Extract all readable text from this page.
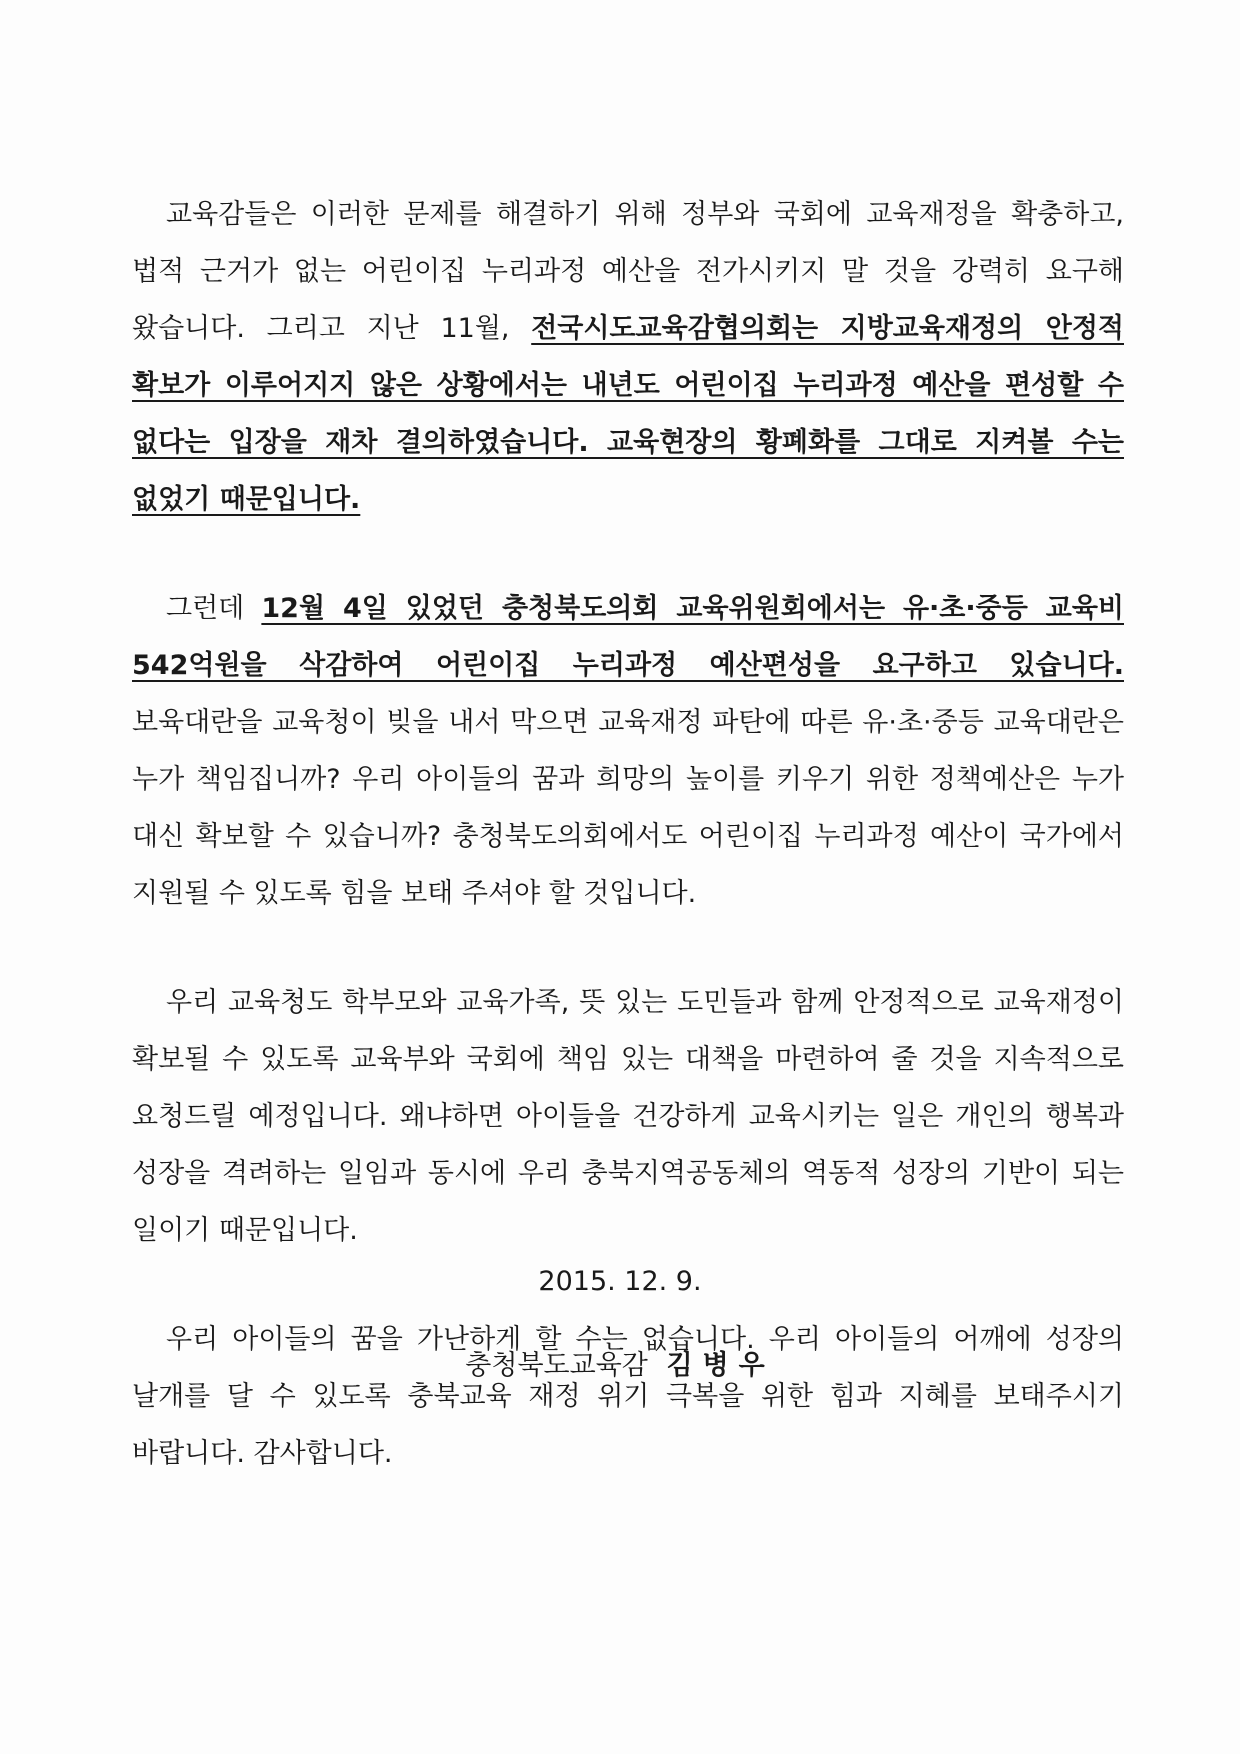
교육감들은 이러한 문제를 해결하기 위해 정부와 국회에 교육재정을 확충하고, 법적 근거가 없는 어린이집 누리과정 예산을 전가시키지 말 것을 강력히 요구해 왔습니다. 그리고 지난 11월, 전국시도교육감협의회는 지방교육재정의 안정적 확보가 이루어지지 않은 상황에서는 내년도 어린이집 누리과정 예산을 편성할 수 없다는 입장을 재차 결의하였습니다. 교육현장의 황폐화를 그대로 지켜볼 수는 없었기 때문입니다.

그런데 12월 4일 있었던 충청북도의회 교육위원회에서는 유·초·중등 교육비 542억원을 삭감하여 어린이집 누리과정 예산편성을 요구하고 있습니다. 보육대란을 교육청이 빚을 내서 막으면 교육재정 파탄에 따른 유·초·중등 교육대란은 누가 책임집니까? 우리 아이들의 꿈과 희망의 높이를 키우기 위한 정책예산은 누가 대신 확보할 수 있습니까? 충청북도의회에서도 어린이집 누리과정 예산이 국가에서 지원될 수 있도록 힘을 보태 주셔야 할 것입니다.

우리 교육청도 학부모와 교육가족, 뜻 있는 도민들과 함께 안정적으로 교육재정이 확보될 수 있도록 교육부와 국회에 책임 있는 대책을 마련하여 줄 것을 지속적으로 요청드릴 예정입니다. 왜냐하면 아이들을 건강하게 교육시키는 일은 개인의 행복과 성장을 격려하는 일임과 동시에 우리 충북지역공동체의 역동적 성장의 기반이 되는 일이기 때문입니다.

우리 아이들의 꿈을 가난하게 할 수는 없습니다. 우리 아이들의 어깨에 성장의 날개를 달 수 있도록 충북교육 재정 위기 극복을 위한 힘과 지혜를 보태주시기 바랍니다. 감사합니다.

2015. 12. 9.
충청북도교육감 김병우
